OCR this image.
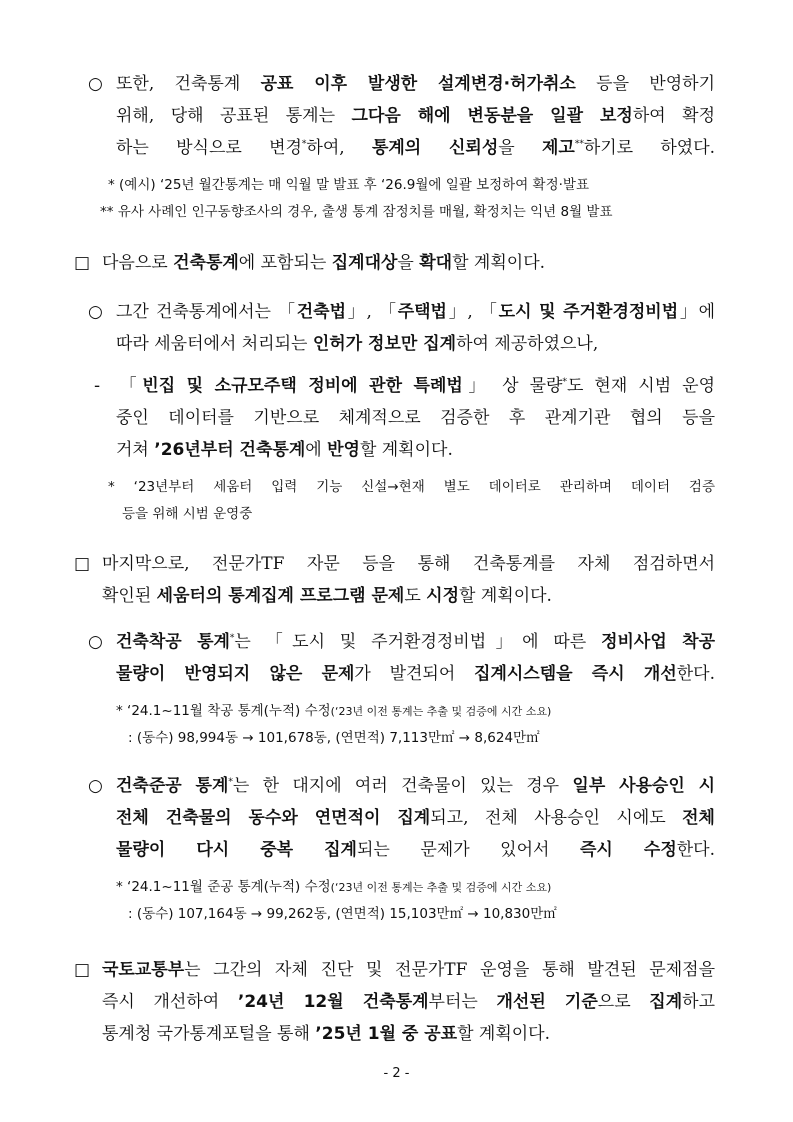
○ 또한, 건축통계 공표 이후 발생한 설계변경·허가취소 등을 반영하기
위해, 당해 공표된 통계는 그다음 해에 변동분을 일괄 보정하여 확정
하는 방식으로 변경*하여, 통계의 신뢰성을 제고**하기로 하였다.
* (예시) ‘25년 월간통계는 매 익월 말 발표 후 ‘26.9월에 일괄 보정하여 확정·발표
** 유사 사례인 인구동향조사의 경우, 출생 통계 잠정치를 매월, 확정치는 익년 8월 발표
□ 다음으로 건축통계에 포함되는 집계대상을 확대할 계획이다.
○ 그간 건축통계에서는 「건축법」, 「주택법」, 「도시 및 주거환경정비법」에
따라 세움터에서 처리되는 인허가 정보만 집계하여 제공하였으나,
- 「빈집 및 소규모주택 정비에 관한 특례법」 상 물량*도 현재 시범 운영
중인 데이터를 기반으로 체계적으로 검증한 후 관계기관 협의 등을
거쳐 ’26년부터 건축통계에 반영할 계획이다.
* ‘23년부터 세움터 입력 기능 신설→현재 별도 데이터로 관리하며 데이터 검증
등을 위해 시범 운영중
□ 마지막으로, 전문가TF 자문 등을 통해 건축통계를 자체 점검하면서
확인된 세움터의 통계집계 프로그램 문제도 시정할 계획이다.
○ 건축착공 통계*는 「도시 및 주거환경정비법」에 따른 정비사업 착공
물량이 반영되지 않은 문제가 발견되어 집계시스템을 즉시 개선한다.
* ‘24.1~11월 착공 통계(누적) 수정(‘23년 이전 통계는 추출 및 검증에 시간 소요)
: (동수) 98,994동 → 101,678동, (연면적) 7,113만㎡ → 8,624만㎡
○ 건축준공 통계*는 한 대지에 여러 건축물이 있는 경우 일부 사용승인 시
전체 건축물의 동수와 연면적이 집계되고, 전체 사용승인 시에도 전체
물량이 다시 중복 집계되는 문제가 있어서 즉시 수정한다.
* ‘24.1~11월 준공 통계(누적) 수정(‘23년 이전 통계는 추출 및 검증에 시간 소요)
: (동수) 107,164동 → 99,262동, (연면적) 15,103만㎡ → 10,830만㎡
□ 국토교통부는 그간의 자체 진단 및 전문가TF 운영을 통해 발견된 문제점을
즉시 개선하여 ’24년 12월 건축통계부터는 개선된 기준으로 집계하고
통계청 국가통계포털을 통해 ’25년 1월 중 공표할 계획이다.
- 2 -
